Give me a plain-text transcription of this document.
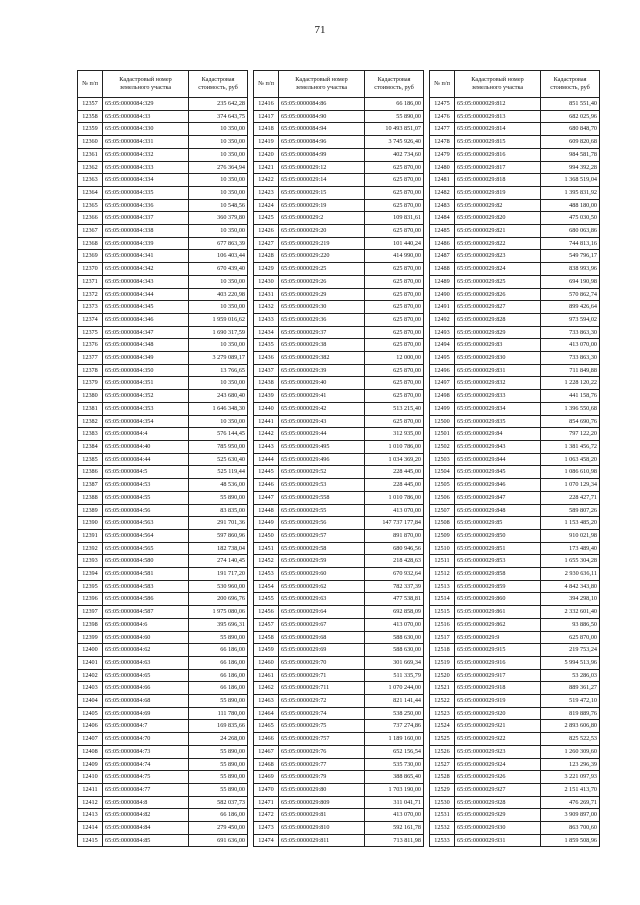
71
№ п/п	Кадастровый номер земельного участка	Кадастровая стоимость, руб
12357	65:05:0000084:329	235 642,28
12358	65:05:0000084:33	374 643,75
12359	65:05:0000084:330	10 350,00
12360	65:05:0000084:331	10 350,00
12361	65:05:0000084:332	10 350,00
12362	65:05:0000084:333	276 364,94
12363	65:05:0000084:334	10 350,00
12364	65:05:0000084:335	10 350,00
12365	65:05:0000084:336	10 548,56
12366	65:05:0000084:337	360 379,80
12367	65:05:0000084:338	10 350,00
12368	65:05:0000084:339	677 863,39
12369	65:05:0000084:341	106 403,44
12370	65:05:0000084:342	670 439,40
12371	65:05:0000084:343	10 350,00
12372	65:05:0000084:344	403 220,98
12373	65:05:0000084:345	10 350,00
12374	65:05:0000084:346	1 959 016,62
12375	65:05:0000084:347	1 690 317,59
12376	65:05:0000084:348	10 350,00
12377	65:05:0000084:349	3 279 089,17
12378	65:05:0000084:350	13 766,65
12379	65:05:0000084:351	10 350,00
12380	65:05:0000084:352	243 680,40
12381	65:05:0000084:353	1 646 348,30
12382	65:05:0000084:354	10 350,00
12383	65:05:0000084:4	576 144,45
12384	65:05:0000084:40	785 950,00
12385	65:05:0000084:44	525 630,40
12386	65:05:0000084:5	525 119,44
12387	65:05:0000084:53	48 536,00
12388	65:05:0000084:55	55 890,00
12389	65:05:0000084:56	83 835,00
12390	65:05:0000084:563	291 701,36
12391	65:05:0000084:564	597 860,96
12392	65:05:0000084:565	182 738,04
12393	65:05:0000084:580	274 140,45
12394	65:05:0000084:581	191 717,20
12395	65:05:0000084:583	530 960,00
12396	65:05:0000084:586	200 696,76
12397	65:05:0000084:587	1 975 080,06
12398	65:05:0000084:6	395 696,31
12399	65:05:0000084:60	55 890,00
12400	65:05:0000084:62	66 186,00
12401	65:05:0000084:63	66 186,00
12402	65:05:0000084:65	66 186,00
12403	65:05:0000084:66	66 186,00
12404	65:05:0000084:68	55 890,00
12405	65:05:0000084:69	111 780,00
12406	65:05:0000084:7	169 835,66
12407	65:05:0000084:70	24 268,00
12408	65:05:0000084:73	55 890,00
12409	65:05:0000084:74	55 890,00
12410	65:05:0000084:75	55 890,00
12411	65:05:0000084:77	55 890,00
12412	65:05:0000084:8	582 037,73
12413	65:05:0000084:82	66 186,00
12414	65:05:0000084:84	279 450,00
12415	65:05:0000084:85	691 636,00
№ п/п	Кадастровый номер земельного участка	Кадастровая стоимость, руб
12416	65:05:0000084:86	66 186,00
12417	65:05:0000084:90	55 890,00
12418	65:05:0000084:94	10 493 851,07
12419	65:05:0000084:96	3 745 926,40
12420	65:05:0000084:99	402 734,60
12421	65:05:0000029:12	625 870,00
12422	65:05:0000029:14	625 870,00
12423	65:05:0000029:15	625 870,00
12424	65:05:0000029:19	625 870,00
12425	65:05:0000029:2	109 831,61
12426	65:05:0000029:20	625 870,00
12427	65:05:0000029:219	101 440,24
12428	65:05:0000029:220	414 990,00
12429	65:05:0000029:25	625 870,00
12430	65:05:0000029:26	625 870,00
12431	65:05:0000029:29	625 870,00
12432	65:05:0000029:30	625 870,00
12433	65:05:0000029:36	625 870,00
12434	65:05:0000029:37	625 870,00
12435	65:05:0000029:38	625 870,00
12436	65:05:0000029:382	12 000,00
12437	65:05:0000029:39	625 870,00
12438	65:05:0000029:40	625 870,00
12439	65:05:0000029:41	625 870,00
12440	65:05:0000029:42	513 215,40
12441	65:05:0000029:43	625 870,00
12442	65:05:0000029:44	312 935,00
12443	65:05:0000029:495	1 010 786,00
12444	65:05:0000029:496	1 034 369,20
12445	65:05:0000029:52	228 445,00
12446	65:05:0000029:53	228 445,00
12447	65:05:0000029:558	1 010 786,00
12448	65:05:0000029:55	413 070,00
12449	65:05:0000029:56	147 737 177,84
12450	65:05:0000029:57	891 870,00
12451	65:05:0000029:58	680 946,56
12452	65:05:0000029:59	218 428,63
12453	65:05:0000029:60	670 932,64
12454	65:05:0000029:62	782 337,39
12455	65:05:0000029:63	477 538,81
12456	65:05:0000029:64	692 858,09
12457	65:05:0000029:67	413 070,00
12458	65:05:0000029:68	588 630,00
12459	65:05:0000029:69	588 630,00
12460	65:05:0000029:70	301 669,34
12461	65:05:0000029:71	511 335,79
12462	65:05:0000029:711	1 070 244,00
12463	65:05:0000029:72	821 141,44
12464	65:05:0000029:74	538 250,00
12465	65:05:0000029:75	737 274,86
12466	65:05:0000029:757	1 189 160,00
12467	65:05:0000029:76	652 156,54
12468	65:05:0000029:77	535 730,00
12469	65:05:0000029:79	388 865,40
12470	65:05:0000029:80	1 703 190,00
12471	65:05:0000029:809	311 041,71
12472	65:05:0000029:81	413 070,00
12473	65:05:0000029:810	592 161,78
12474	65:05:0000029:811	713 811,98
№ п/п	Кадастровый номер земельного участка	Кадастровая стоимость, руб
12475	65:05:0000029:812	851 551,40
12476	65:05:0000029:813	682 025,96
12477	65:05:0000029:814	680 848,70
12478	65:05:0000029:815	609 820,68
12479	65:05:0000029:816	984 581,78
12480	65:05:0000029:817	994 392,28
12481	65:05:0000029:818	1 368 519,04
12482	65:05:0000029:819	1 395 831,92
12483	65:05:0000029:82	488 180,00
12484	65:05:0000029:820	475 030,50
12485	65:05:0000029:821	680 063,86
12486	65:05:0000029:822	744 813,16
12487	65:05:0000029:823	549 796,17
12488	65:05:0000029:824	838 993,96
12489	65:05:0000029:825	694 190,98
12490	65:05:0000029:826	570 862,74
12491	65:05:0000029:827	899 426,64
12492	65:05:0000029:828	973 594,02
12493	65:05:0000029:829	733 863,30
12494	65:05:0000029:83	413 070,00
12495	65:05:0000029:830	733 863,30
12496	65:05:0000029:831	711 849,88
12497	65:05:0000029:832	1 228 120,22
12498	65:05:0000029:833	441 158,76
12499	65:05:0000029:834	1 396 550,68
12500	65:05:0000029:835	854 690,76
12501	65:05:0000029:84	797 122,20
12502	65:05:0000029:843	1 381 456,72
12503	65:05:0000029:844	1 063 458,20
12504	65:05:0000029:845	1 086 610,98
12505	65:05:0000029:846	1 070 129,34
12506	65:05:0000029:847	228 427,71
12507	65:05:0000029:848	589 807,26
12508	65:05:0000029:85	1 153 485,20
12509	65:05:0000029:850	910 021,98
12510	65:05:0000029:851	173 489,40
12511	65:05:0000029:853	1 655 304,28
12512	65:05:0000029:858	2 930 636,11
12513	65:05:0000029:859	4 842 343,80
12514	65:05:0000029:860	394 298,10
12515	65:05:0000029:861	2 332 601,40
12516	65:05:0000029:862	93 886,50
12517	65:05:0000029:9	625 870,00
12518	65:05:0000029:915	219 753,24
12519	65:05:0000029:916	5 994 513,96
12520	65:05:0000029:917	53 286,03
12521	65:05:0000029:918	889 361,27
12522	65:05:0000029:919	519 472,10
12523	65:05:0000029:920	819 889,76
12524	65:05:0000029:921	2 893 606,80
12525	65:05:0000029:922	825 522,53
12526	65:05:0000029:923	1 260 309,60
12527	65:05:0000029:924	123 296,39
12528	65:05:0000029:926	3 221 097,93
12529	65:05:0000029:927	2 151 413,70
12530	65:05:0000029:928	476 269,71
12531	65:05:0000029:929	3 909 897,00
12532	65:05:0000029:930	863 700,60
12533	65:05:0000029:931	1 859 508,96
